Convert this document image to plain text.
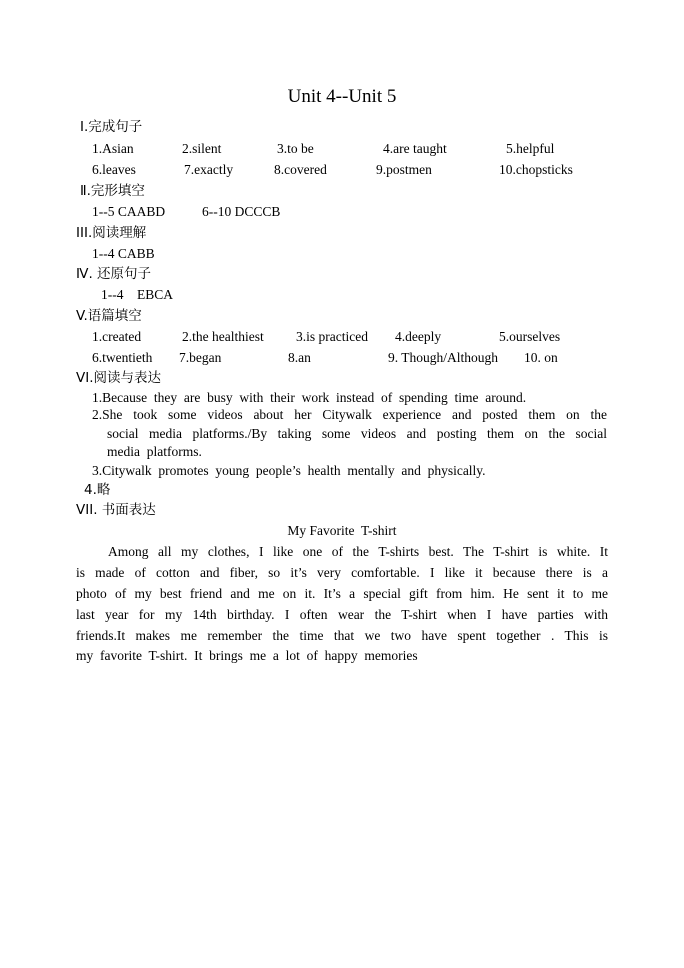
Unit 4--Unit 5
Ⅰ.完成句子
1.Asian	2.silent	3.to be	4.are taught	5.helpful
6.leaves	7.exactly	8.covered	9.postmen	10.chopsticks
Ⅱ.完形填空
1--5 CAABD	6--10 DCCCB
III.阅读理解
1--4 CABB
Ⅳ. 还原句子
1--4    EBCA
V.语篇填空
1.created	2.the healthiest 3.is practiced 4.deeply	5.ourselves
6.twentieth 7.began	8.an	9. Though/Although 10. on
VI.阅读与表达
1.Because  they  are  busy  with  their  work  instead  of  spending  time  around.
2.She  took  some  videos  about  her  Citywalk  experience  and  posted  them  on  the
social  media  platforms./By  taking  some  videos  and  posting  them  on  the  social
media  platforms.
3.Citywalk  promotes  young  people’s  health  mentally  and  physically.
4.略
VII. 书面表达
My Favorite  T-shirt
Among  all  my  clothes,  I  like  one  of  the  T-shirts  best.  The  T-shirt  is  white.  It
is  made  of  cotton  and  fiber,  so  it’s  very  comfortable.  I  like  it  because  there  is  a
photo  of  my  best  friend  and  me  on  it.  It’s  a  special  gift  from  him.  He  sent  it  to  me
last  year  for  my  14th  birthday.  I  often  wear  the  T-shirt  when  I  have  parties  with
friends.It  makes  me  remember  the  time  that  we  two  have  spent  together  .  This  is
my  favorite  T-shirt.  It  brings  me  a  lot  of  happy  memories
